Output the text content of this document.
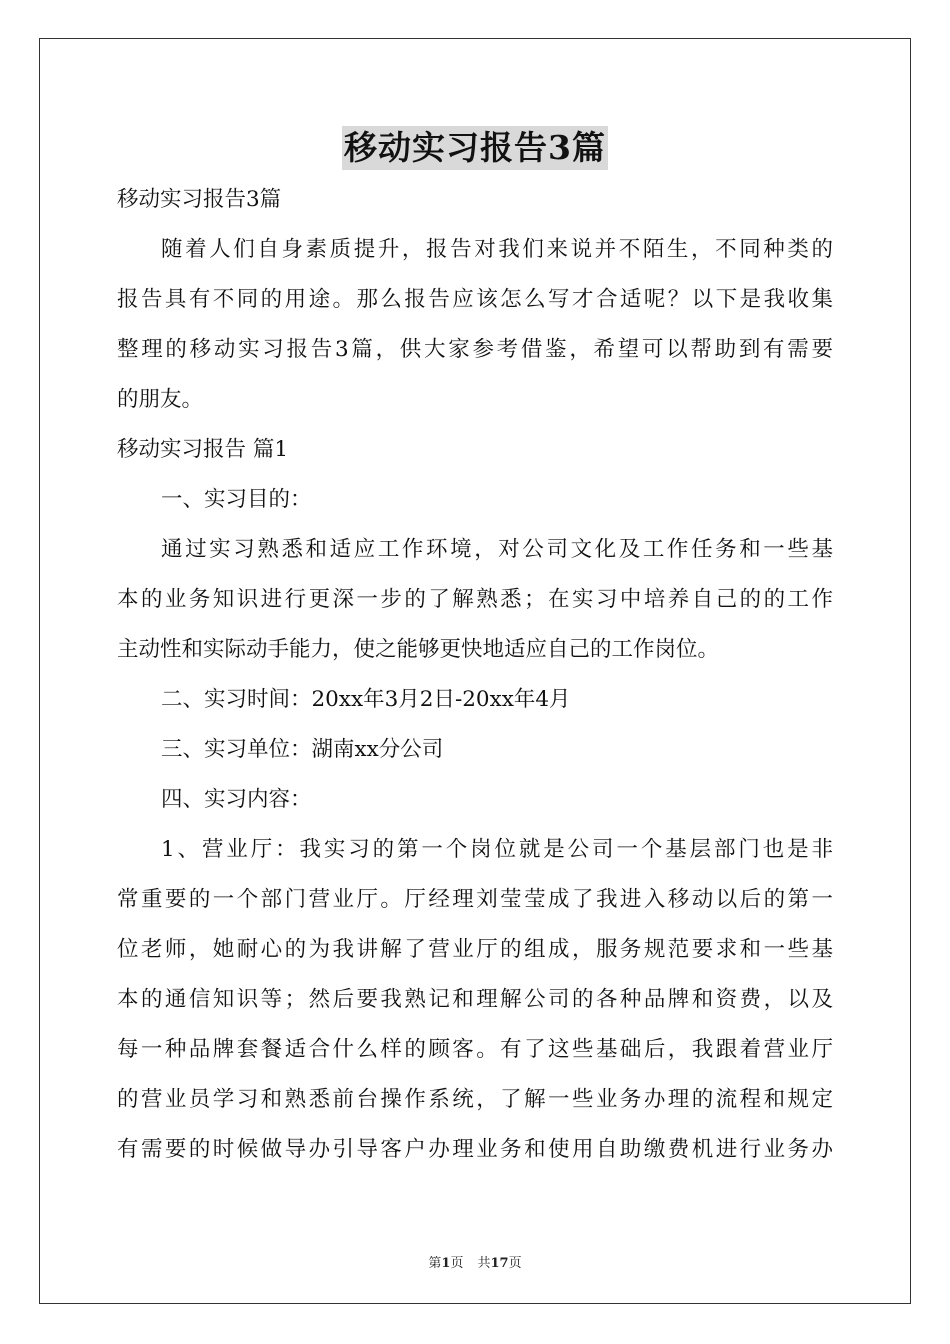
移动实习报告3篇
移动实习报告3篇
随着人们自身素质提升，报告对我们来说并不陌生，不同种类的
报告具有不同的用途。那么报告应该怎么写才合适呢？以下是我收集
整理的移动实习报告3篇，供大家参考借鉴，希望可以帮助到有需要
的朋友。
移动实习报告 篇1
一、实习目的：
通过实习熟悉和适应工作环境，对公司文化及工作任务和一些基
本的业务知识进行更深一步的了解熟悉；在实习中培养自己的的工作
主动性和实际动手能力，使之能够更快地适应自己的工作岗位。
二、实习时间：20xx年3月2日-20xx年4月
三、实习单位：湖南xx分公司
四、实习内容：
1、营业厅：我实习的第一个岗位就是公司一个基层部门也是非
常重要的一个部门营业厅。厅经理刘莹莹成了我进入移动以后的第一
位老师，她耐心的为我讲解了营业厅的组成，服务规范要求和一些基
本的通信知识等；然后要我熟记和理解公司的各种品牌和资费，以及
每一种品牌套餐适合什么样的顾客。有了这些基础后，我跟着营业厅
的营业员学习和熟悉前台操作系统，了解一些业务办理的流程和规定
有需要的时候做导办引导客户办理业务和使用自助缴费机进行业务办
第1页 共17页
